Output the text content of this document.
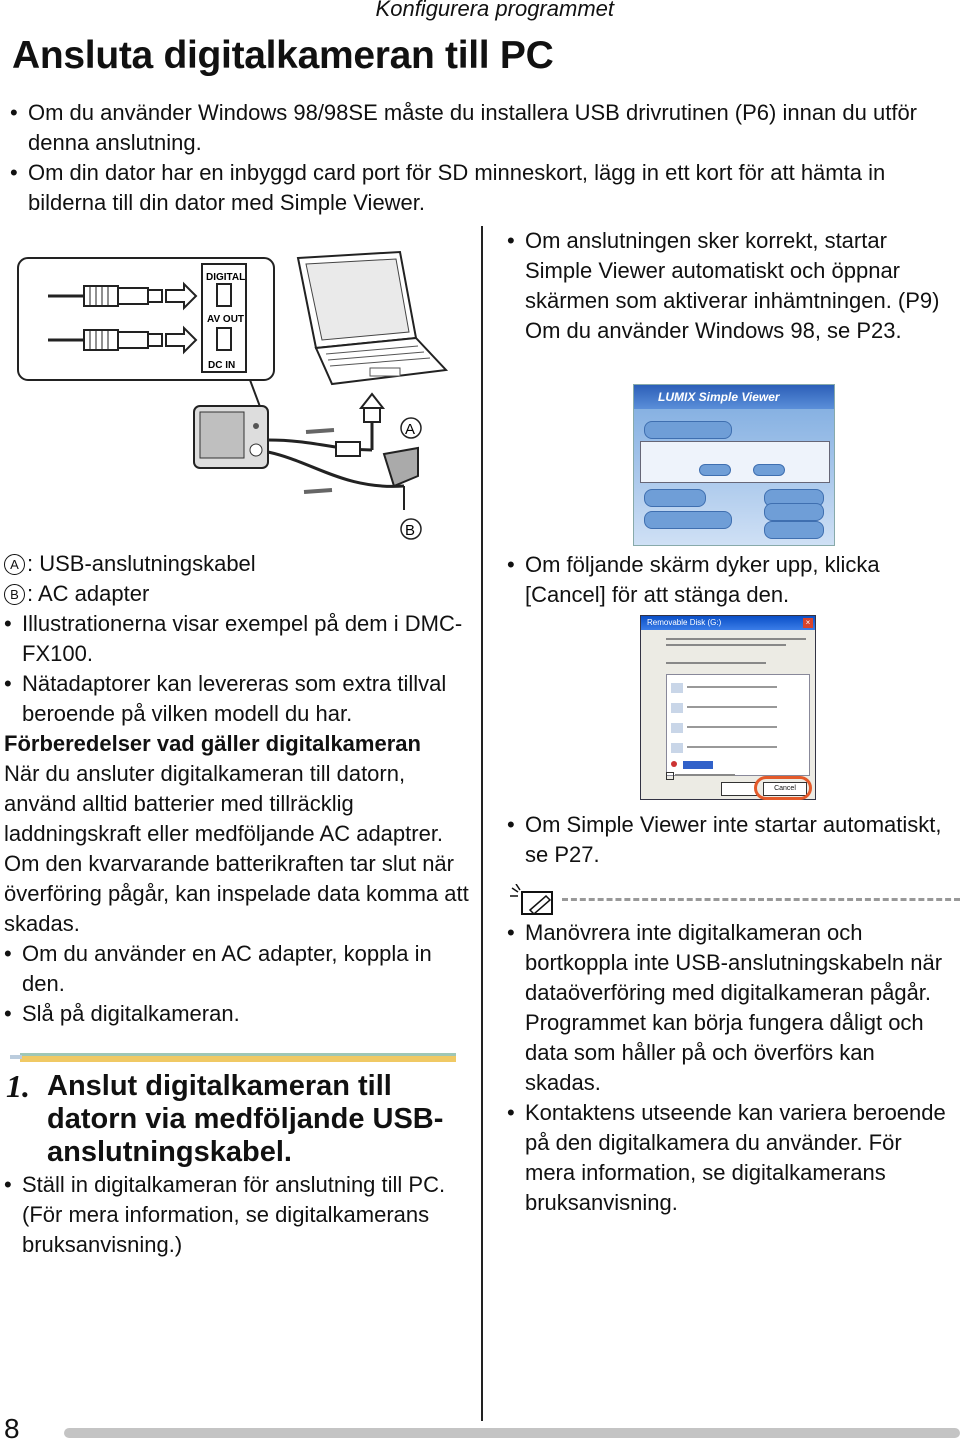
Konfigurera programmet
Ansluta digitalkameran till PC
• Om du använder Windows 98/98SE måste du installera USB drivrutinen (P6) innan du utför denna anslutning.
• Om din dator har en inbyggd card port för SD minneskort, lägg in ett kort för att hämta in bilderna till din dator med Simple Viewer.
DIGITAL
AV OUT
DC IN
A
B
• Om anslutningen sker korrekt, startar Simple Viewer automatiskt och öppnar skärmen som aktiverar inhämtningen. (P9)
Om du använder Windows 98, se P23.
LUMIX Simple Viewer
• Om följande skärm dyker upp, klicka [Cancel] för att stänga den.
Removable Disk (G:)	×
Cancel
• Om Simple Viewer inte startar automatiskt, se P27.
• Manövrera inte digitalkameran och bortkoppla inte USB-anslutningskabeln när dataöverföring med digitalkameran pågår. Programmet kan börja fungera dåligt och data som håller på och överförs kan skadas.
• Kontaktens utseende kan variera beroende på den digitalkamera du använder. För mera information, se digitalkamerans bruksanvisning.
A : USB-anslutningskabel
B : AC adapter
• Illustrationerna visar exempel på dem i DMC-FX100.
• Nätadaptorer kan levereras som extra tillval beroende på vilken modell du har.
Förberedelser vad gäller digitalkameran
När du ansluter digitalkameran till datorn, använd alltid batterier med tillräcklig laddningskraft eller medföljande AC adaptrer. Om den kvarvarande batterikraften tar slut när överföring pågår, kan inspelade data komma att skadas.
• Om du använder en AC adapter, koppla in den.
• Slå på digitalkameran.
1. Anslut digitalkameran till datorn via medföljande USB-anslutningskabel.
• Ställ in digitalkameran för anslutning till PC. (För mera information, se digitalkamerans bruksanvisning.)
8
